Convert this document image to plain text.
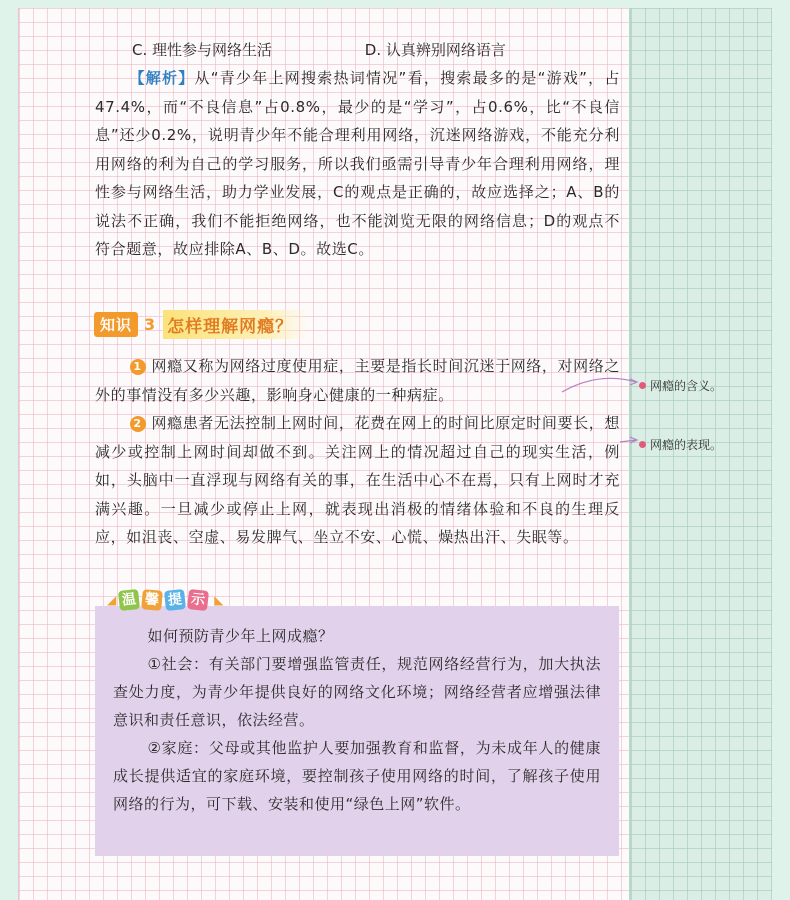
C. 理性参与网络生活	D. 认真辨别网络语言
【解析】从“青少年上网搜索热词情况”看，搜索最多的是“游戏”，占47.4%，而“不良信息”占0.8%，最少的是“学习”，占0.6%，比“不良信息”还少0.2%，说明青少年不能合理利用网络，沉迷网络游戏，不能充分利用网络的利为自己的学习服务，所以我们亟需引导青少年合理利用网络，理性参与网络生活，助力学业发展，C的观点是正确的，故应选择之；A、B的说法不正确，我们不能拒绝网络，也不能浏览无限的网络信息；D的观点不符合题意，故应排除A、B、D。故选C。
知识 3 怎样理解网瘾？
1 网瘾又称为网络过度使用症，主要是指长时间沉迷于网络，对网络之外的事情没有多少兴趣，影响身心健康的一种病症。
2 网瘾患者无法控制上网时间，花费在网上的时间比原定时间要长，想减少或控制上网时间却做不到。关注网上的情况超过自己的现实生活，例如，头脑中一直浮现与网络有关的事，在生活中心不在焉，只有上网时才充满兴趣。一旦减少或停止上网，就表现出消极的情绪体验和不良的生理反应，如沮丧、空虚、易发脾气、坐立不安、心慌、燥热出汗、失眠等。
网瘾的含义。
网瘾的表现。

如何预防青少年上网成瘾？

①社会：有关部门要增强监管责任，规范网络经营行为，加大执法查处力度，为青少年提供良好的网络文化环境；网络经营者应增强法律意识和责任意识，依法经营。

②家庭：父母或其他监护人要加强教育和监督，为未成年人的健康成长提供适宜的家庭环境，要控制孩子使用网络的时间，了解孩子使用网络的行为，可下载、安装和使用“绿色上网”软件。

◢ 温 馨 提 示 ◣
